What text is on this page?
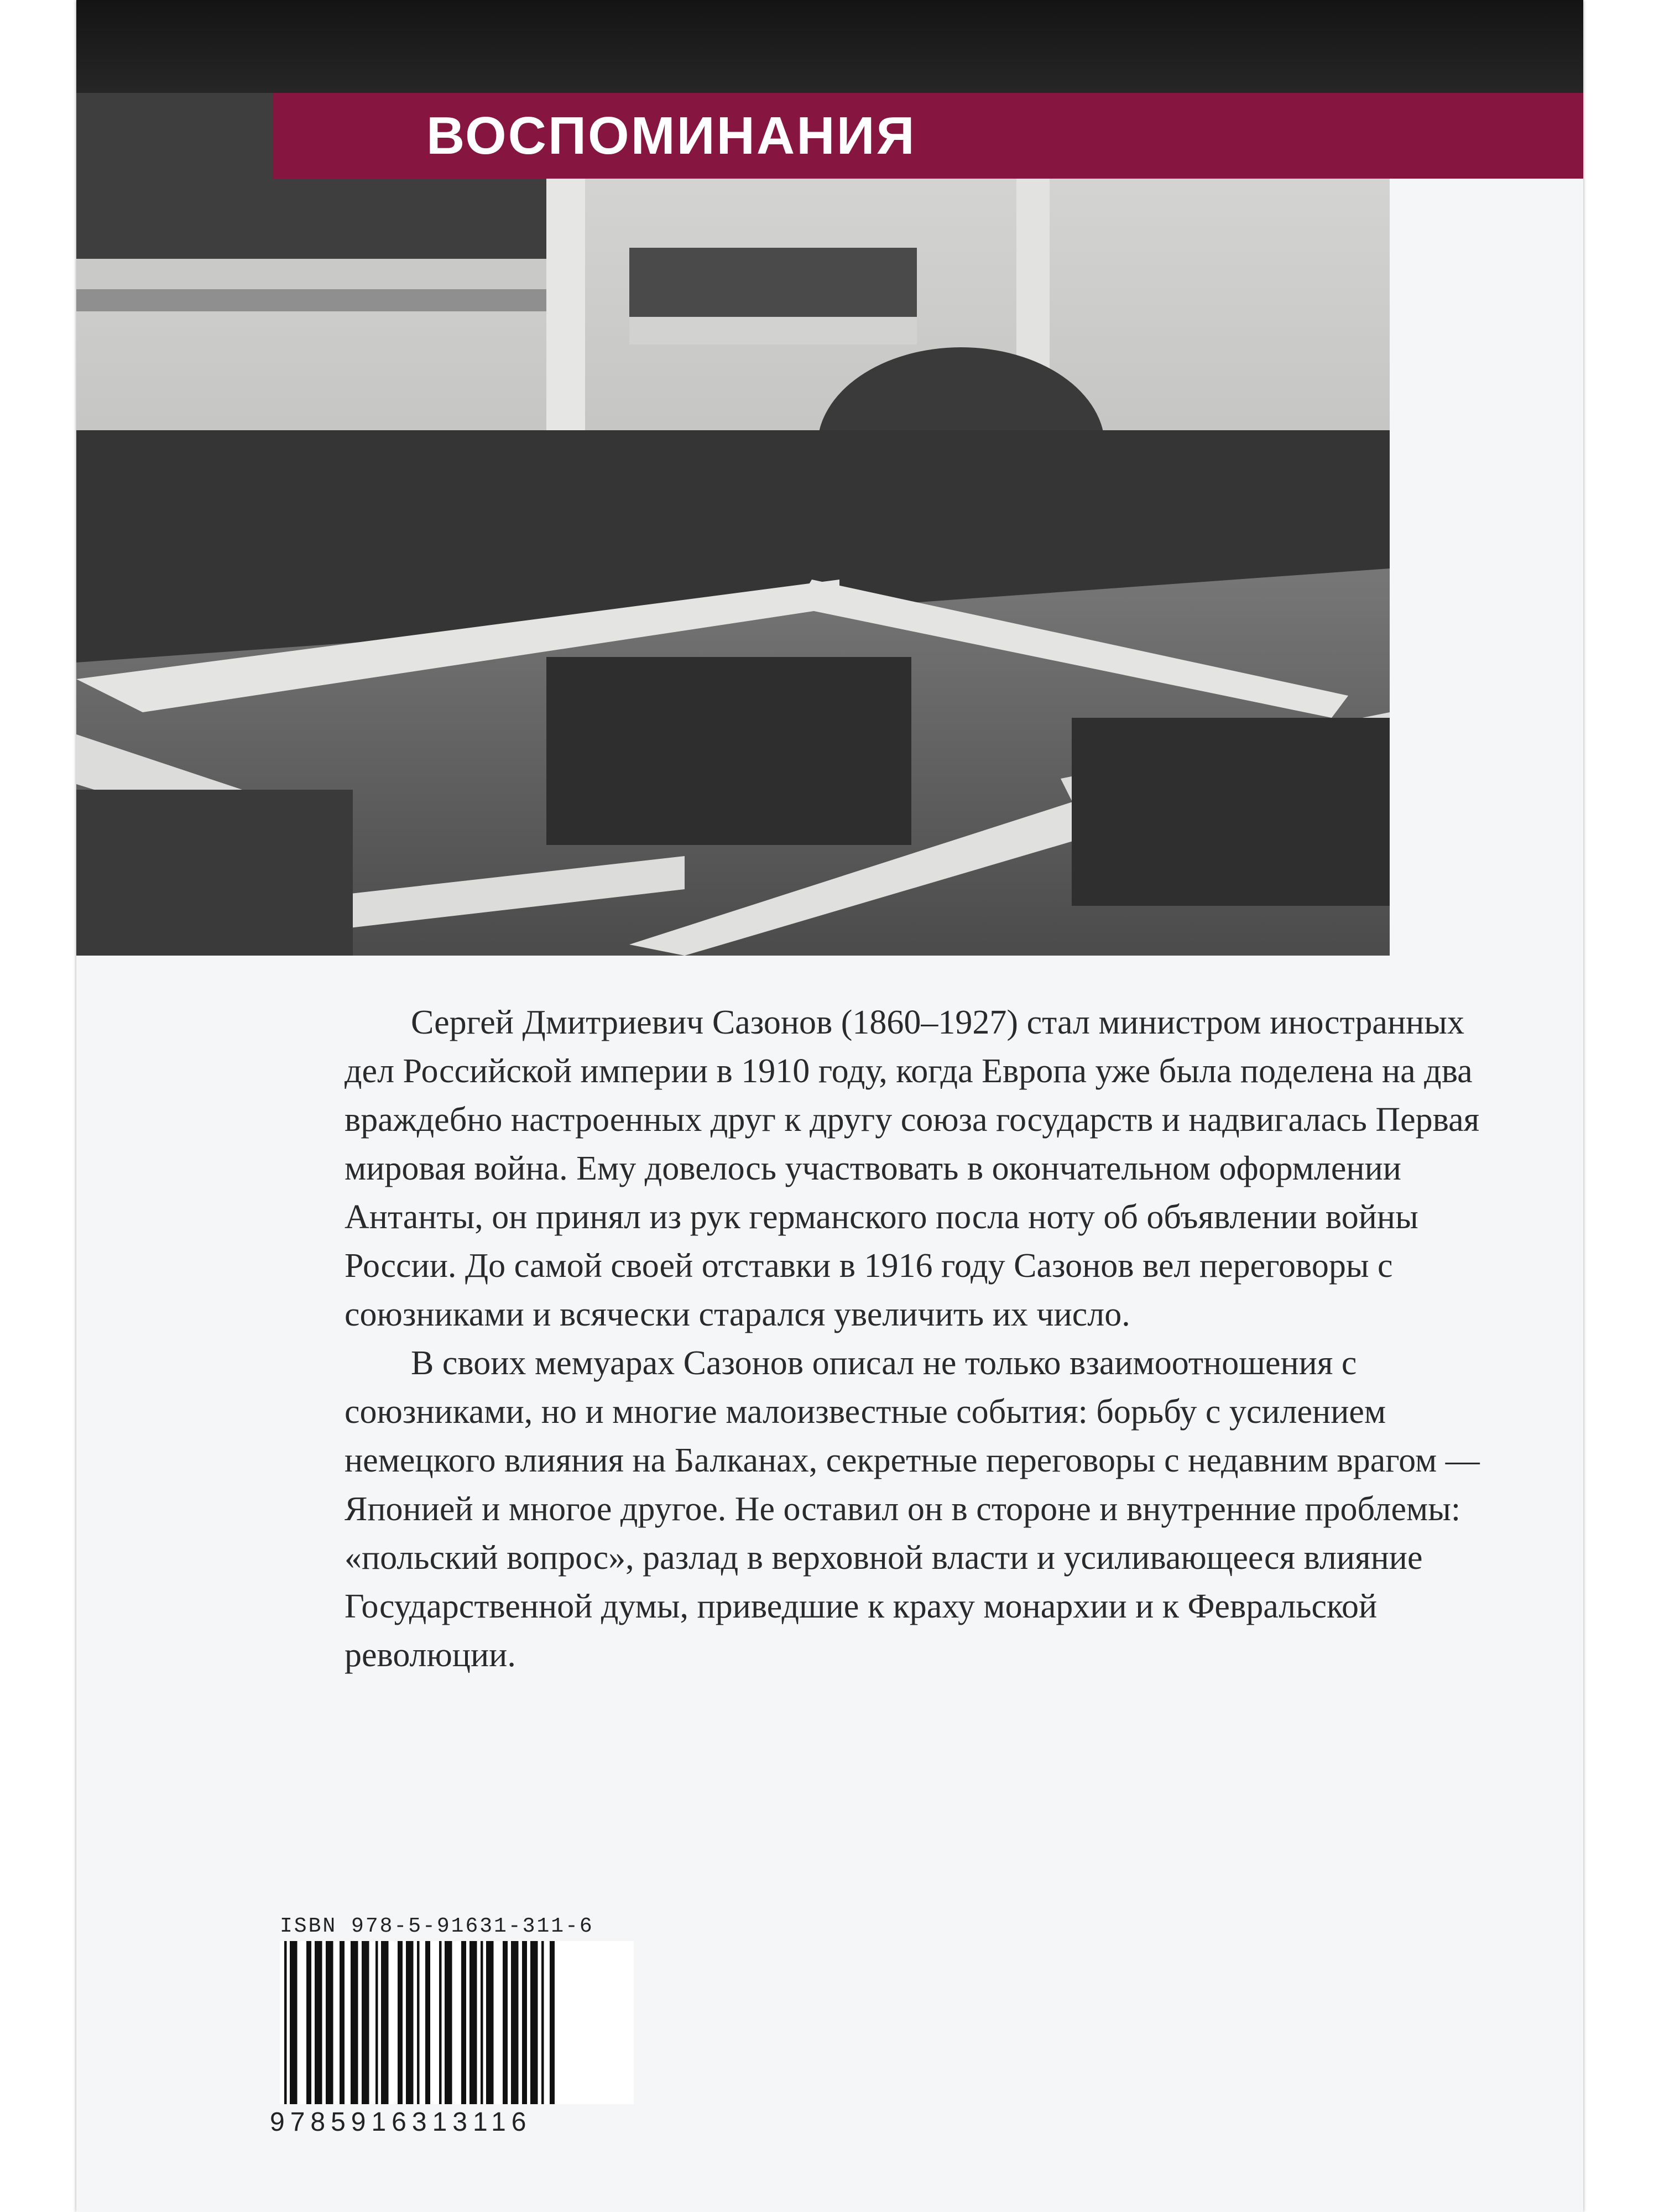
ВОСПОМИНАНИЯ

Сергей Дмитриевич Сазонов (1860–1927) стал министром иностранных дел Российской империи в 1910 году, когда Европа уже была поделена на два враждебно настроенных друг к другу союза государств и надвигалась Первая мировая война. Ему довелось участвовать в окончательном оформлении Антанты, он принял из рук германского посла ноту об объявлении войны России. До самой своей отставки в 1916 году Сазонов вел переговоры с союзниками и всячески старался увеличить их число.

В своих мемуарах Сазонов описал не только взаимоотношения с союзниками, но и многие малоизвестные события: борьбу с усилением немецкого влияния на Балканах, секретные переговоры с недавним врагом — Японией и многое другое. Не оставил он в стороне и внутренние проблемы: «польский вопрос», разлад в верховной власти и усиливающееся влияние Государственной думы, приведшие к краху монархии и к Февральской революции.

ISBN 978-5-91631-311-6
9785916313116
